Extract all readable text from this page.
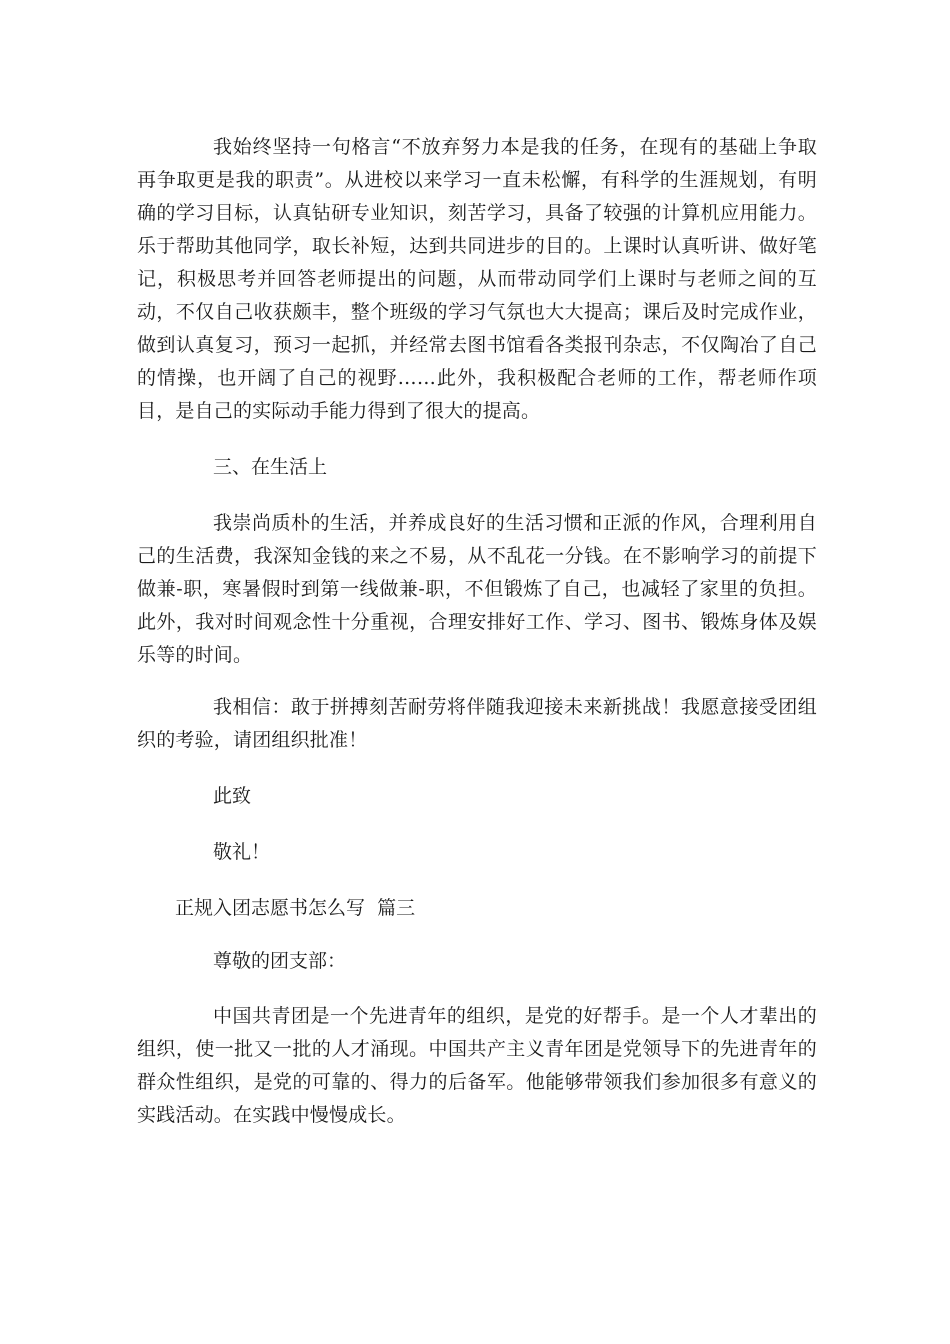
我始终坚持一句格言“不放弃努力本是我的任务，在现有的基础上争取再争取更是我的职责”。从进校以来学习一直未松懈，有科学的生涯规划，有明确的学习目标，认真钻研专业知识，刻苦学习，具备了较强的计算机应用能力。乐于帮助其他同学，取长补短，达到共同进步的目的。上课时认真听讲、做好笔记，积极思考并回答老师提出的问题，从而带动同学们上课时与老师之间的互动，不仅自己收获颇丰，整个班级的学习气氛也大大提高；课后及时完成作业，做到认真复习，预习一起抓，并经常去图书馆看各类报刊杂志，不仅陶冶了自己的情操，也开阔了自己的视野……此外，我积极配合老师的工作，帮老师作项目，是自己的实际动手能力得到了很大的提高。

三、在生活上

我崇尚质朴的生活，并养成良好的生活习惯和正派的作风，合理利用自己的生活费，我深知金钱的来之不易，从不乱花一分钱。在不影响学习的前提下做兼-职，寒暑假时到第一线做兼-职，不但锻炼了自己，也减轻了家里的负担。此外，我对时间观念性十分重视，合理安排好工作、学习、图书、锻炼身体及娱乐等的时间。

我相信：敢于拼搏刻苦耐劳将伴随我迎接未来新挑战！我愿意接受团组织的考验，请团组织批准！

此致

敬礼！

正规入团志愿书怎么写  篇三

尊敬的团支部：

中国共青团是一个先进青年的组织，是党的好帮手。是一个人才辈出的组织，使一批又一批的人才涌现。中国共产主义青年团是党领导下的先进青年的群众性组织，是党的可靠的、得力的后备军。他能够带领我们参加很多有意义的实践活动。在实践中慢慢成长。
